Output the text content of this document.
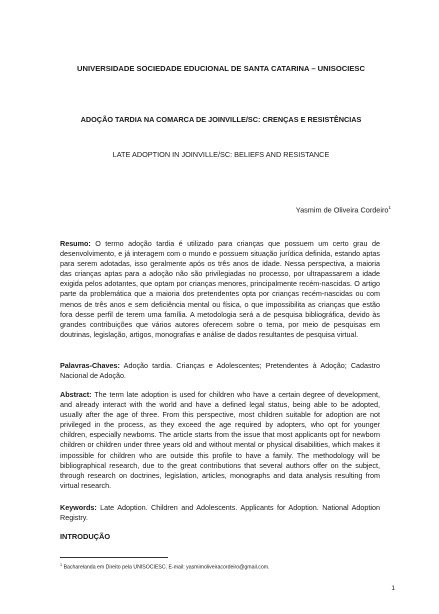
UNIVERSIDADE SOCIEDADE EDUCIONAL DE SANTA CATARINA – UNISOCIESC
ADOÇÃO TARDIA NA COMARCA DE JOINVILLE/SC: CRENÇAS E RESISTÊNCIAS
LATE ADOPTION IN JOINVILLE/SC: BELIEFS AND RESISTANCE
Yasmim de Oliveira Cordeiro$^1$

Resumo: O termo adoção tardia é utilizado para crianças que possuem um certo grau de desenvolvimento, e já interagem com o mundo e possuem situação jurídica definida, estando aptas para serem adotadas, isso geralmente após os três anos de idade. Nessa perspectiva, a maioria das crianças aptas para a adoção não são privilegiadas no processo, por ultrapassarem a idade exigida pelos adotantes, que optam por crianças menores, principalmente recém-nascidas. O artigo parte da problemática que a maioria dos pretendentes opta por crianças recém-nascidas ou com menos de três anos e sem deficiência mental ou física, o que impossibilita as crianças que estão fora desse perfil de terem uma família. A metodologia será a de pesquisa bibliográfica, devido às grandes contribuições que vários autores oferecem sobre o tema, por meio de pesquisas em doutrinas, legislação, artigos, monografias e análise de dados resultantes de pesquisa virtual.

Palavras-Chaves: Adoção tardia. Crianças e Adolescentes; Pretendentes à Adoção; Cadastro Nacional de Adoção.

Abstract: The term late adoption is used for children who have a certain degree of development, and already interact with the world and have a defined legal status, being able to be adopted, usually after the age of three. From this perspective, most children suitable for adoption are not privileged in the process, as they exceed the age required by adopters, who opt for younger children, especially newborns. The article starts from the issue that most applicants opt for newborn children or children under three years old and without mental or physical disabilities, which makes it impossible for children who are outside this profile to have a family. The methodology will be bibliographical research, due to the great contributions that several authors offer on the subject, through research on doctrines, legislation, articles, monographs and data analysis resulting from virtual research.

Keywords: Late Adoption. Children and Adolescents. Applicants for Adoption. National Adoption Registry.

INTRODUÇÃO

$^1$ Bacharelanda em Direito pela UNISOCIESC. E-mail: yasmimoliveiracordeiro@gmail.com.

1
